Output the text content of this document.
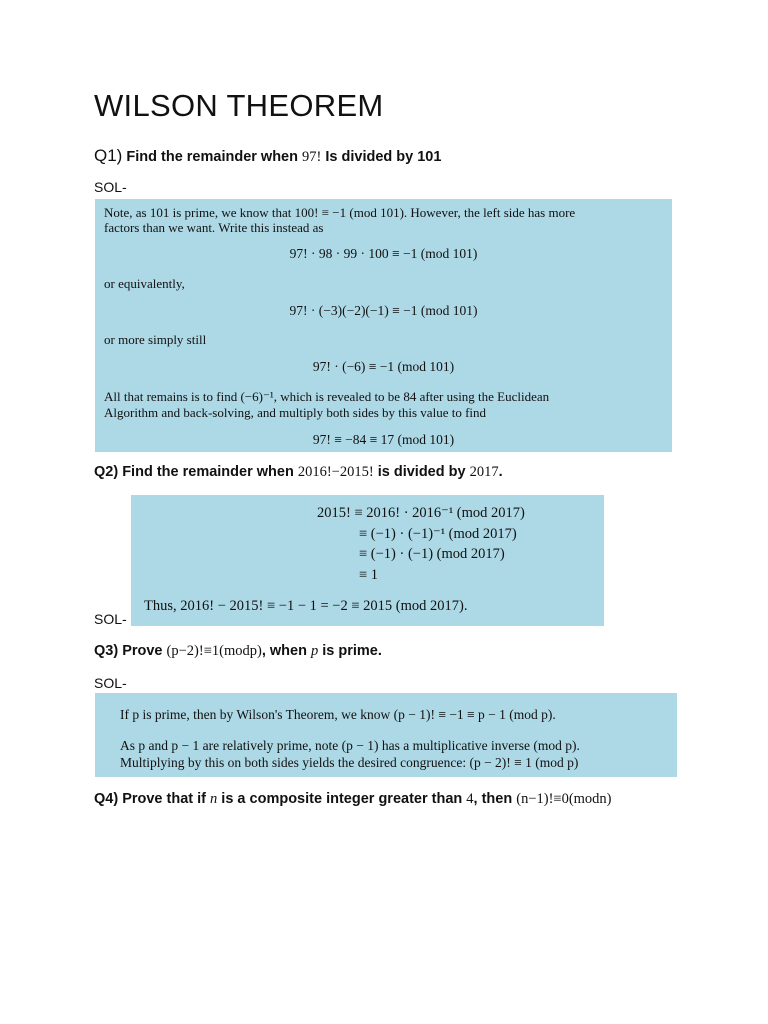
WILSON THEOREM
Q1) Find the remainder when 97! Is divided by 101
SOL-
Note, as 101 is prime, we know that 100! ≡ −1 (mod 101). However, the left side has more
factors than we want. Write this instead as
97! · 98 · 99 · 100 ≡ −1 (mod 101)
or equivalently,
97! · (−3)(−2)(−1) ≡ −1 (mod 101)
or more simply still
97! · (−6) ≡ −1 (mod 101)
All that remains is to find (−6)⁻¹, which is revealed to be 84 after using the Euclidean
Algorithm and back-solving, and multiply both sides by this value to find
97! ≡ −84 ≡ 17 (mod 101)
Q2) Find the remainder when 2016!−2015! is divided by 2017.
2015! ≡ 2016! · 2016⁻¹ (mod 2017)
≡ (−1) · (−1)⁻¹ (mod 2017)
≡ (−1) · (−1) (mod 2017)
≡ 1
Thus, 2016! − 2015! ≡ −1 − 1 = −2 ≡ 2015 (mod 2017).
SOL-
Q3) Prove (p−2)!≡1(modp), when p is prime.
SOL-
If p is prime, then by Wilson's Theorem, we know (p − 1)! ≡ −1 ≡ p − 1 (mod p).
As p and p − 1 are relatively prime, note (p − 1) has a multiplicative inverse (mod p).
Multiplying by this on both sides yields the desired congruence: (p − 2)! ≡ 1 (mod p)
Q4) Prove that if n is a composite integer greater than 4, then (n−1)!≡0(modn)
